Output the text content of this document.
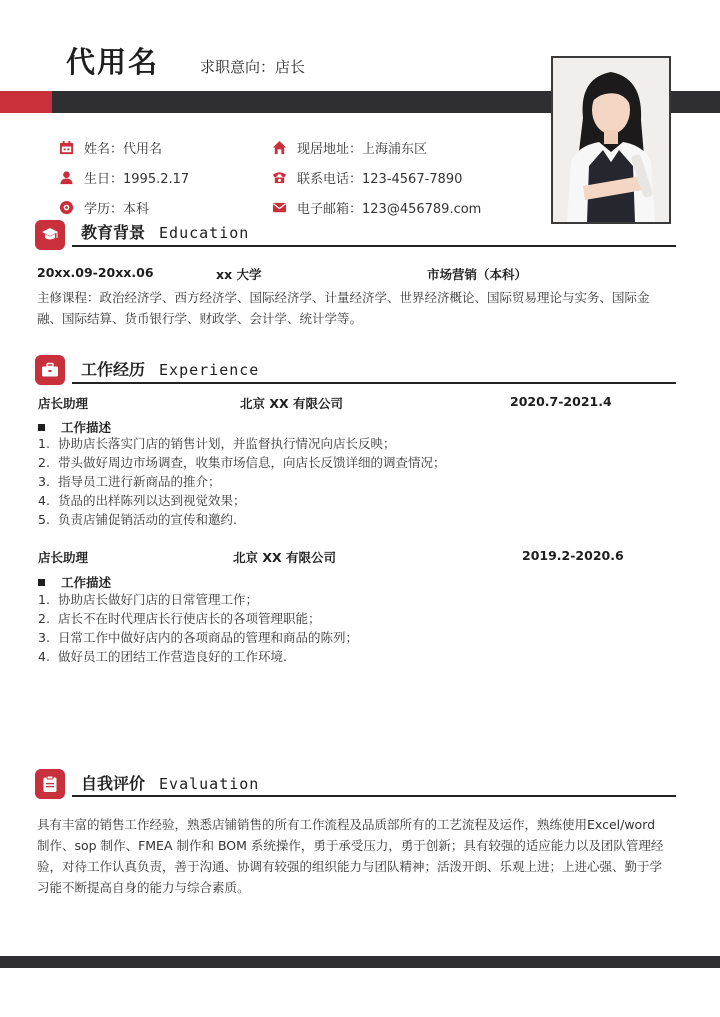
代用名	求职意向：店长
姓名：代用名
生日：1995.2.17
学历：本科
现居地址：上海浦东区
联系电话：123-4567-7890
电子邮箱：123@456789.com
教育背景 Education
20xx.09-20xx.06	xx 大学	市场营销（本科）
主修课程：政治经济学、西方经济学、国际经济学、计量经济学、世界经济概论、国际贸易理论与实务、国际金融、国际结算、货币银行学、财政学、会计学、统计学等。
工作经历 Experience
店长助理	北京 XX 有限公司	2020.7-2021.4
工作描述
1. 协助店长落实门店的销售计划，并监督执行情况向店长反映；
2. 带头做好周边市场调查，收集市场信息，向店长反馈详细的调查情况；
3. 指导员工进行新商品的推介；
4. 货品的出样陈列以达到视觉效果；
5. 负责店铺促销活动的宣传和邀约.
店长助理	北京 XX 有限公司	2019.2-2020.6
工作描述
1. 协助店长做好门店的日常管理工作；
2. 店长不在时代理店长行使店长的各项管理职能；
3. 日常工作中做好店内的各项商品的管理和商品的陈列；
4. 做好员工的团结工作营造良好的工作环境.
自我评价 Evaluation
具有丰富的销售工作经验，熟悉店铺销售的所有工作流程及品质部所有的工艺流程及运作，熟练使用Excel/word 制作、sop 制作、FMEA 制作和 BOM 系统操作，勇于承受压力，勇于创新；具有较强的适应能力以及团队管理经验，对待工作认真负责，善于沟通、协调有较强的组织能力与团队精神；活泼开朗、乐观上进；上进心强、勤于学习能不断提高自身的能力与综合素质。
